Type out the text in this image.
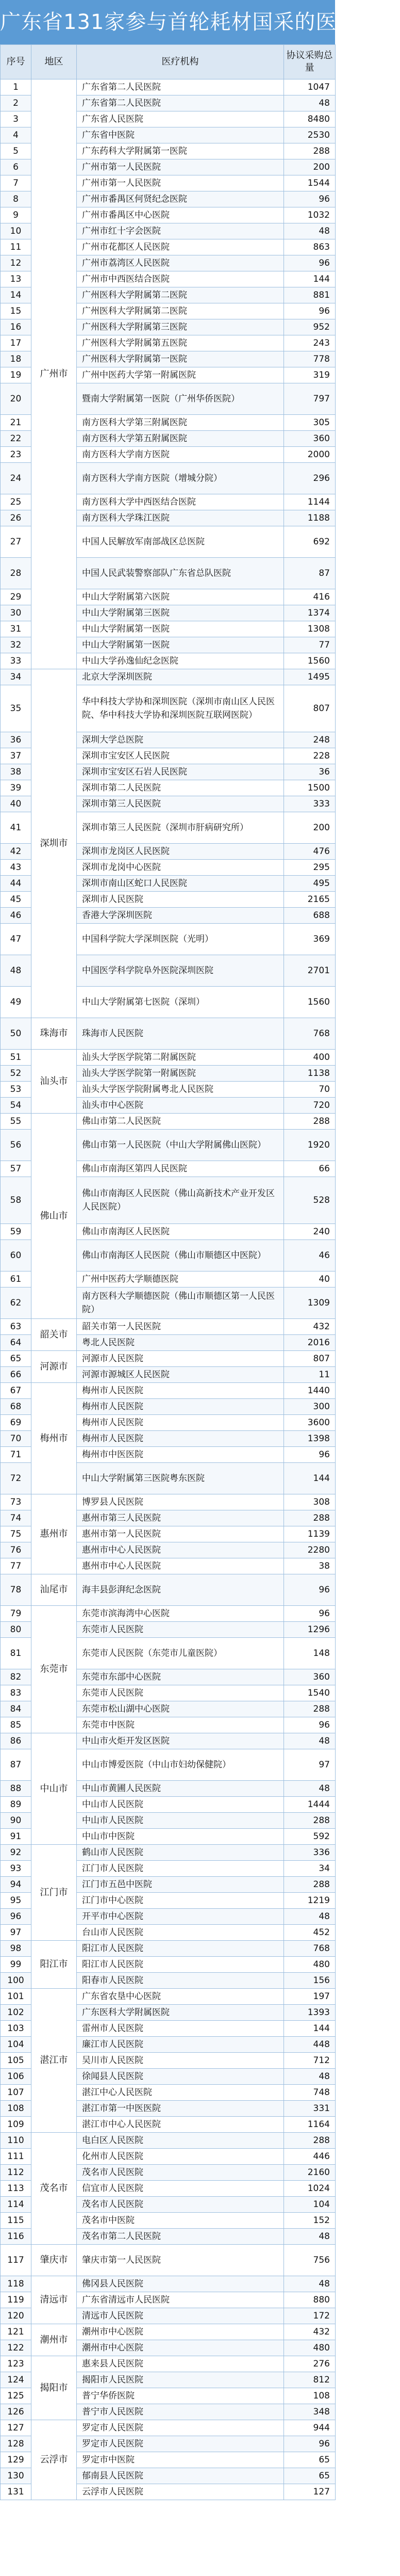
广东省131家参与首轮耗材国采的医疗机构
序号	地区	医疗机构	协议采购总量
1	广州市	广东省第二人民医院	1047
2		广东省第二人民医院	48
3		广东省人民医院	8480
4		广东省中医院	2530
5		广东药科大学附属第一医院	288
6		广州市第一人民医院	200
7		广州市第一人民医院	1544
8		广州市番禺区何贤纪念医院	96
9		广州市番禺区中心医院	1032
10		广州市红十字会医院	48
11		广州市花都区人民医院	863
12		广州市荔湾区人民医院	96
13		广州市中西医结合医院	144
14		广州医科大学附属第二医院	881
15		广州医科大学附属第二医院	96
16		广州医科大学附属第三医院	952
17		广州医科大学附属第五医院	243
18		广州医科大学附属第一医院	778
19		广州中医药大学第一附属医院	319
20		暨南大学附属第一医院（广州华侨医院）	797
21		南方医科大学第三附属医院	305
22		南方医科大学第五附属医院	360
23		南方医科大学南方医院	2000
24		南方医科大学南方医院（增城分院）	296
25		南方医科大学中西医结合医院	1144
26		南方医科大学珠江医院	1188
27		中国人民解放军南部战区总医院	692
28		中国人民武装警察部队广东省总队医院	87
29		中山大学附属第六医院	416
30		中山大学附属第三医院	1374
31		中山大学附属第一医院	1308
32		中山大学附属第一医院	77
33		中山大学孙逸仙纪念医院	1560
34	深圳市	北京大学深圳医院	1495
35		华中科技大学协和深圳医院（深圳市南山区人民医院、华中科技大学协和深圳医院互联网医院）	807
36		深圳大学总医院	248
37		深圳市宝安区人民医院	228
38		深圳市宝安区石岩人民医院	36
39		深圳市第二人民医院	1500
40		深圳市第三人民医院	333
41		深圳市第三人民医院（深圳市肝病研究所）	200
42		深圳市龙岗区人民医院	476
43		深圳市龙岗中心医院	295
44		深圳市南山区蛇口人民医院	495
45		深圳市人民医院	2165
46		香港大学深圳医院	688
47		中国科学院大学深圳医院（光明）	369
48		中国医学科学院阜外医院深圳医院	2701
49		中山大学附属第七医院（深圳）	1560
50	珠海市	珠海市人民医院	768
51	汕头市	汕头大学医学院第二附属医院	400
52		汕头大学医学院第一附属医院	1138
53		汕头大学医学院附属粤北人民医院	70
54		汕头市中心医院	720
55	佛山市	佛山市第二人民医院	288
56		佛山市第一人民医院（中山大学附属佛山医院）	1920
57		佛山市南海区第四人民医院	66
58		佛山市南海区人民医院（佛山高新技术产业开发区人民医院）	528
59		佛山市南海区人民医院	240
60		佛山市南海区人民医院（佛山市顺德区中医院）	46
61		广州中医药大学顺德医院	40
62		南方医科大学顺德医院（佛山市顺德区第一人民医院）	1309
63	韶关市	韶关市第一人民医院	432
64		粤北人民医院	2016
65	河源市	河源市人民医院	807
66		河源市源城区人民医院	11
67	梅州市	梅州市人民医院	1440
68		梅州市人民医院	300
69		梅州市人民医院	3600
70		梅州市人民医院	1398
71		梅州市中医医院	96
72		中山大学附属第三医院粤东医院	144
73	惠州市	博罗县人民医院	308
74		惠州市第三人民医院	288
75		惠州市第一人民医院	1139
76		惠州市中心人民医院	2280
77		惠州市中心人民医院	38
78	汕尾市	海丰县彭湃纪念医院	96
79	东莞市	东莞市滨海湾中心医院	96
80		东莞市人民医院	1296
81		东莞市人民医院（东莞市儿童医院）	148
82		东莞市东部中心医院	360
83		东莞市人民医院	1540
84		东莞市松山湖中心医院	288
85		东莞市中医院	96
86	中山市	中山市火炬开发区医院	48
87		中山市博爱医院（中山市妇幼保健院）	97
88		中山市黄圃人民医院	48
89		中山市人民医院	1444
90		中山市人民医院	288
91		中山市中医院	592
92	江门市	鹤山市人民医院	336
93		江门市人民医院	34
94		江门市五邑中医院	288
95		江门市中心医院	1219
96		开平市中心医院	48
97		台山市人民医院	452
98	阳江市	阳江市人民医院	768
99		阳江市人民医院	480
100		阳春市人民医院	156
101	湛江市	广东省农垦中心医院	197
102		广东医科大学附属医院	1393
103		雷州市人民医院	144
104		廉江市人民医院	448
105		吴川市人民医院	712
106		徐闻县人民医院	48
107		湛江中心人民医院	748
108		湛江市第一中医医院	331
109		湛江市中心人民医院	1164
110	茂名市	电白区人民医院	288
111		化州市人民医院	446
112		茂名市人民医院	2160
113		信宜市人民医院	1024
114		茂名市人民医院	104
115		茂名市中医院	152
116		茂名市第二人民医院	48
117	肇庆市	肇庆市第一人民医院	756
118	清远市	佛冈县人民医院	48
119		广东省清远市人民医院	880
120		清远市人民医院	172
121	潮州市	潮州市中心医院	432
122		潮州市中心医院	480
123	揭阳市	惠来县人民医院	276
124		揭阳市人民医院	812
125		普宁华侨医院	108
126		普宁市人民医院	348
127	云浮市	罗定市人民医院	944
128		罗定市人民医院	96
129		罗定市中医院	65
130		郁南县人民医院	65
131		云浮市人民医院	127
